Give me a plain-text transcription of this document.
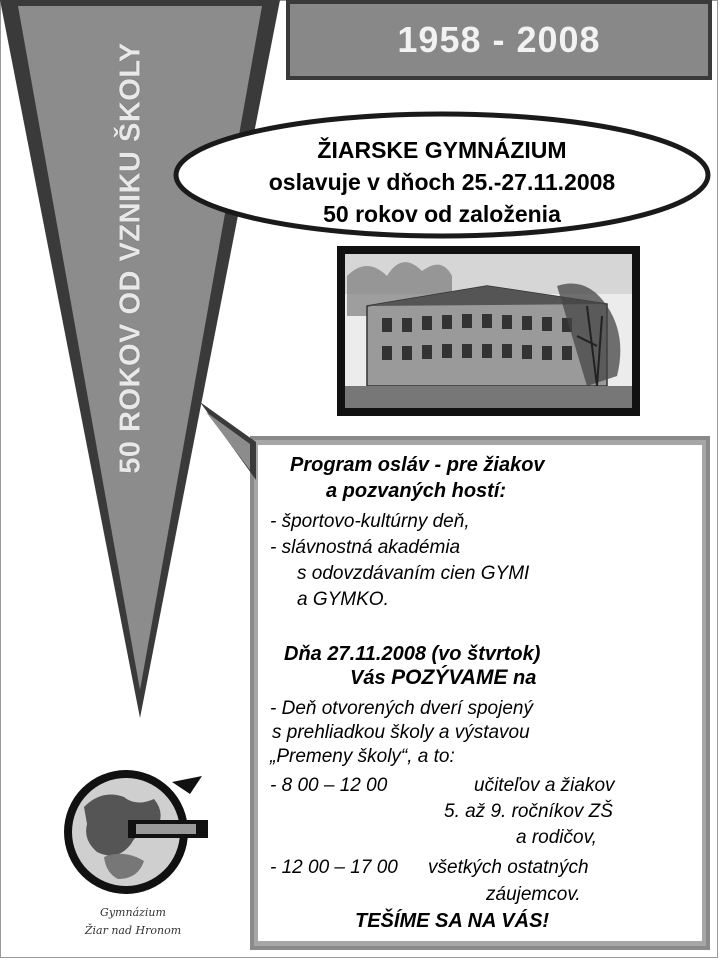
50 ROKOV OD VZNIKU ŠKOLY
1958 - 2008
ŽIARSKE GYMNÁZIUM
oslavuje v dňoch 25.-27.11.2008
50 rokov od založenia
Program osláv - pre žiakov
a pozvaných hostí:
- športovo-kultúrny deň,
- slávnostná akadémia
s odovzdávaním cien GYMI
a GYMKO.
Dňa 27.11.2008 (vo štvrtok)
Vás POZÝVAME na
- Deň otvorených dverí spojený
s prehliadkou školy a výstavou
„Premeny školy“, a to:
- 8 00 – 12 00	učiteľov a žiakov
5. až 9. ročníkov ZŠ
a rodičov,
- 12 00 – 17 00 všetkých ostatných
záujemcov.
TEŠÍME SA NA VÁS!
Gymnázium
Žiar nad Hronom
